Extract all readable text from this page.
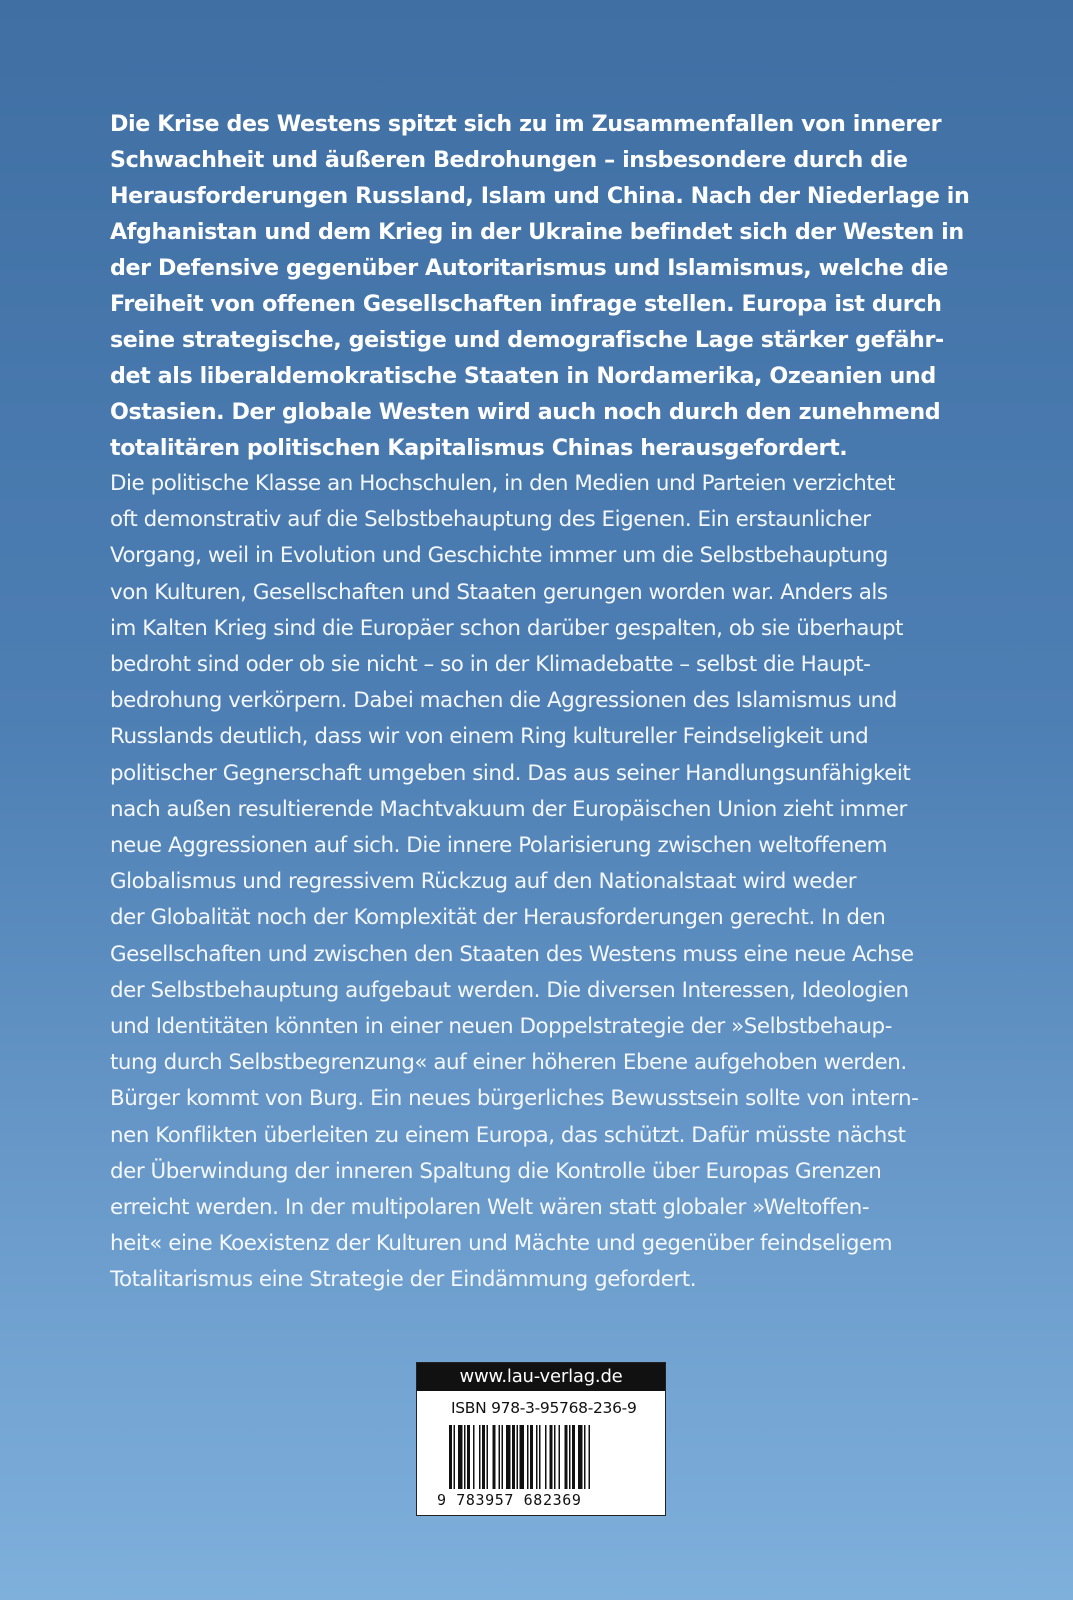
Die Krise des Westens spitzt sich zu im Zusammenfallen von innerer
Schwachheit und äußeren Bedrohungen – insbesondere durch die
Herausforderungen Russland, Islam und China. Nach der Niederlage in
Afghanistan und dem Krieg in der Ukraine befindet sich der Westen in
der Defensive gegenüber Autoritarismus und Islamismus, welche die
Freiheit von offenen Gesellschaften infrage stellen. Europa ist durch
seine strategische, geistige und demografische Lage stärker gefähr-
det als liberaldemokratische Staaten in Nordamerika, Ozeanien und
Ostasien. Der globale Westen wird auch noch durch den zunehmend
totalitären politischen Kapitalismus Chinas herausgefordert.
Die politische Klasse an Hochschulen, in den Medien und Parteien verzichtet
oft demonstrativ auf die Selbstbehauptung des Eigenen. Ein erstaunlicher
Vorgang, weil in Evolution und Geschichte immer um die Selbstbehauptung
von Kulturen, Gesellschaften und Staaten gerungen worden war. Anders als
im Kalten Krieg sind die Europäer schon darüber gespalten, ob sie überhaupt
bedroht sind oder ob sie nicht – so in der Klimadebatte – selbst die Haupt-
bedrohung verkörpern. Dabei machen die Aggressionen des Islamismus und
Russlands deutlich, dass wir von einem Ring kultureller Feindseligkeit und
politischer Gegnerschaft umgeben sind. Das aus seiner Handlungsunfähigkeit
nach außen resultierende Machtvakuum der Europäischen Union zieht immer
neue Aggressionen auf sich. Die innere Polarisierung zwischen weltoffenem
Globalismus und regressivem Rückzug auf den Nationalstaat wird weder
der Globalität noch der Komplexität der Herausforderungen gerecht. In den
Gesellschaften und zwischen den Staaten des Westens muss eine neue Achse
der Selbstbehauptung aufgebaut werden. Die diversen Interessen, Ideologien
und Identitäten könnten in einer neuen Doppelstrategie der »Selbstbehaup-
tung durch Selbstbegrenzung« auf einer höheren Ebene aufgehoben werden.
Bürger kommt von Burg. Ein neues bürgerliches Bewusstsein sollte von intern-
nen Konflikten überleiten zu einem Europa, das schützt. Dafür müsste nächst
der Überwindung der inneren Spaltung die Kontrolle über Europas Grenzen
erreicht werden. In der multipolaren Welt wären statt globaler »Weltoffen-
heit« eine Koexistenz der Kulturen und Mächte und gegenüber feindseligem
Totalitarismus eine Strategie der Eindämmung gefordert.
www.lau-verlag.de
ISBN 978-3-95768-236-9
9 783957 682369
